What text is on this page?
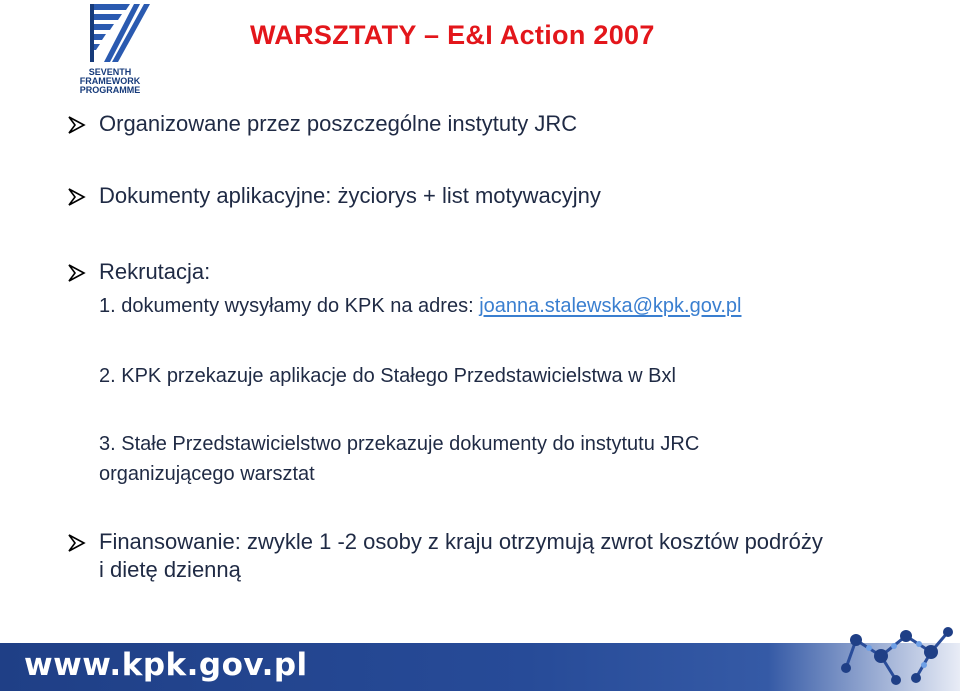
SEVENTH FRAMEWORK
PROGRAMME
WARSZTATY – E&I Action 2007
Organizowane przez poszczególne instytuty JRC
Dokumenty aplikacyjne: życiorys + list motywacyjny
Rekrutacja:
1. dokumenty wysyłamy do KPK na adres: joanna.stalewska@kpk.gov.pl
2. KPK przekazuje aplikacje do Stałego Przedstawicielstwa w Bxl
3. Stałe Przedstawicielstwo przekazuje dokumenty do instytutu JRC
organizującego warsztat
Finansowanie: zwykle 1 -2 osoby z kraju otrzymują zwrot kosztów podróży
i dietę dzienną
www.kpk.gov.pl
